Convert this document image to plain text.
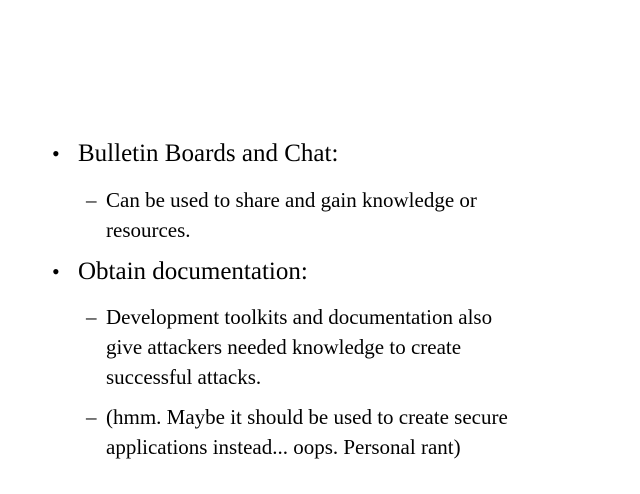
• Bulletin Boards and Chat:
– Can be used to share and gain knowledge or
resources.
• Obtain documentation:
– Development toolkits and documentation also
give attackers needed knowledge to create
successful attacks.
– (hmm. Maybe it should be used to create secure
applications instead... oops. Personal rant)
